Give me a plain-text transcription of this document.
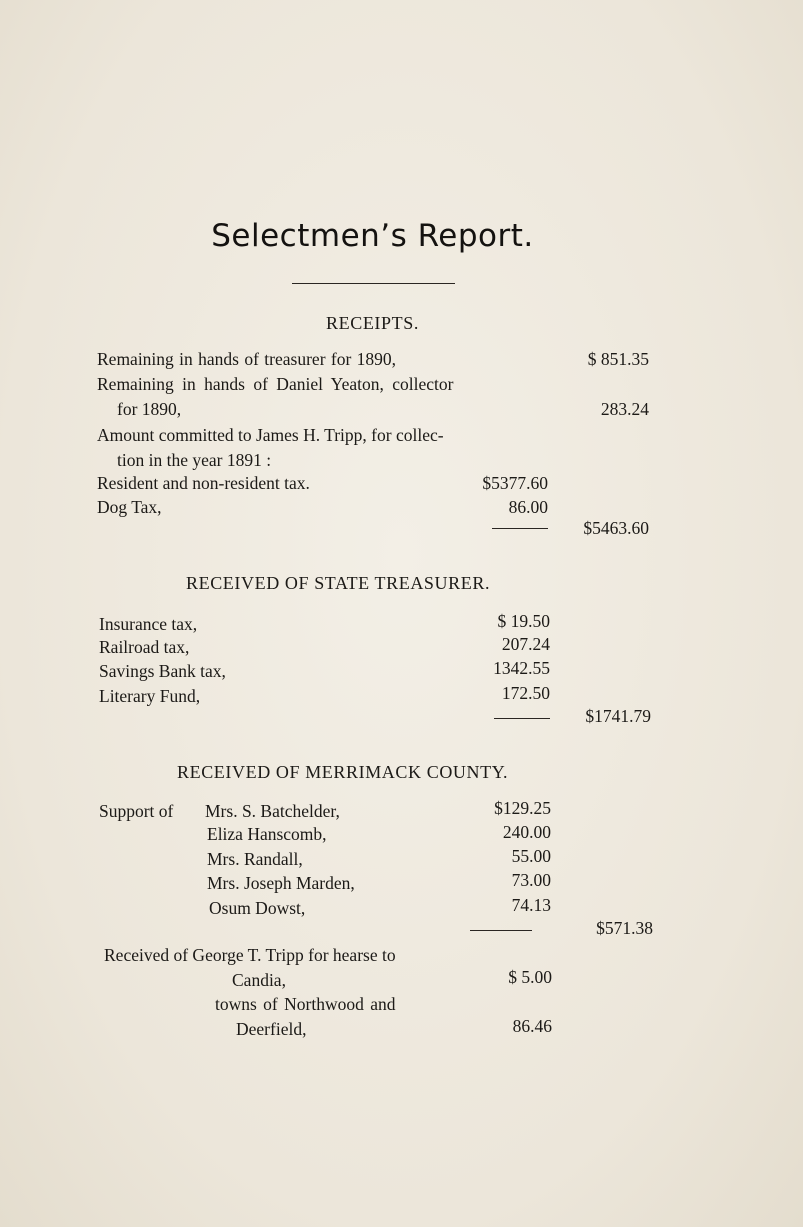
Selectmen’s Report.
RECEIPTS.
Remaining in hands of treasurer for 1890,	$ 851.35
Remaining in hands of Daniel Yeaton, collector
for 1890,	283.24
Amount committed to James H. Tripp, for collec-
tion in the year 1891 :
Resident and non-resident tax.	$5377.60
Dog Tax,	86.00
$5463.60
RECEIVED OF STATE TREASURER.
Insurance tax,	$ 19.50
Railroad tax,	207.24
Savings Bank tax,	1342.55
Literary Fund,	172.50
$1741.79
RECEIVED OF MERRIMACK COUNTY.
Support of Mrs. S. Batchelder,	$129.25
Eliza Hanscomb,	240.00
Mrs. Randall,	55.00
Mrs. Joseph Marden,	73.00
Osum Dowst,	74.13
$571.38
Received of George T. Tripp for hearse to
Candia,	$ 5.00
towns of Northwood and
Deerfield,	86.46
